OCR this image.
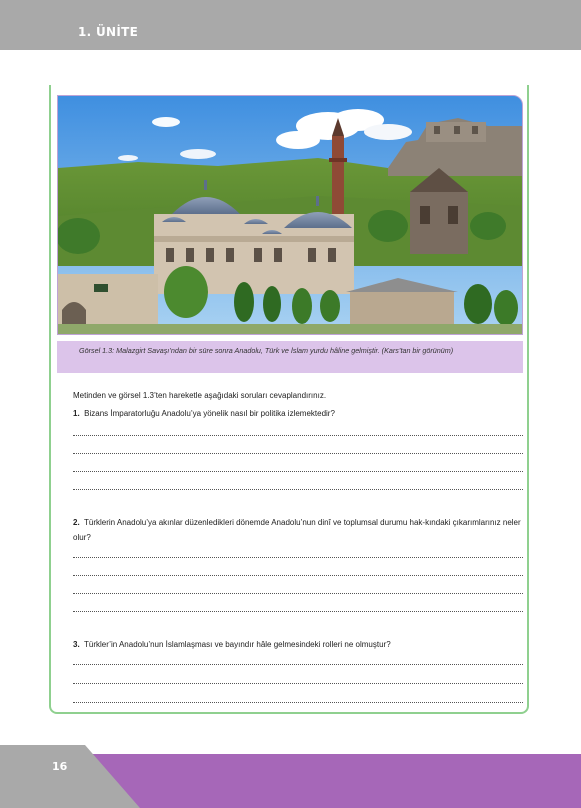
1. ÜNİTE
Görsel 1.3: Malazgirt Savaşı’ndan bir süre sonra Anadolu, Türk ve İslam yurdu hâline gelmiştir. (Kars’tan bir görünüm)
Metinden ve görsel 1.3’ten hareketle aşağıdaki soruları cevaplandırınız.
1. Bizans İmparatorluğu Anadolu’ya yönelik nasıl bir politika izlemektedir?
2. Türklerin Anadolu’ya akınlar düzenledikleri dönemde Anadolu’nun dinî ve toplumsal durumu hak-kındaki çıkarımlarınız neler olur?
3. Türkler’in Anadolu’nun İslamlaşması ve bayındır hâle gelmesindeki rolleri ne olmuştur?
16
